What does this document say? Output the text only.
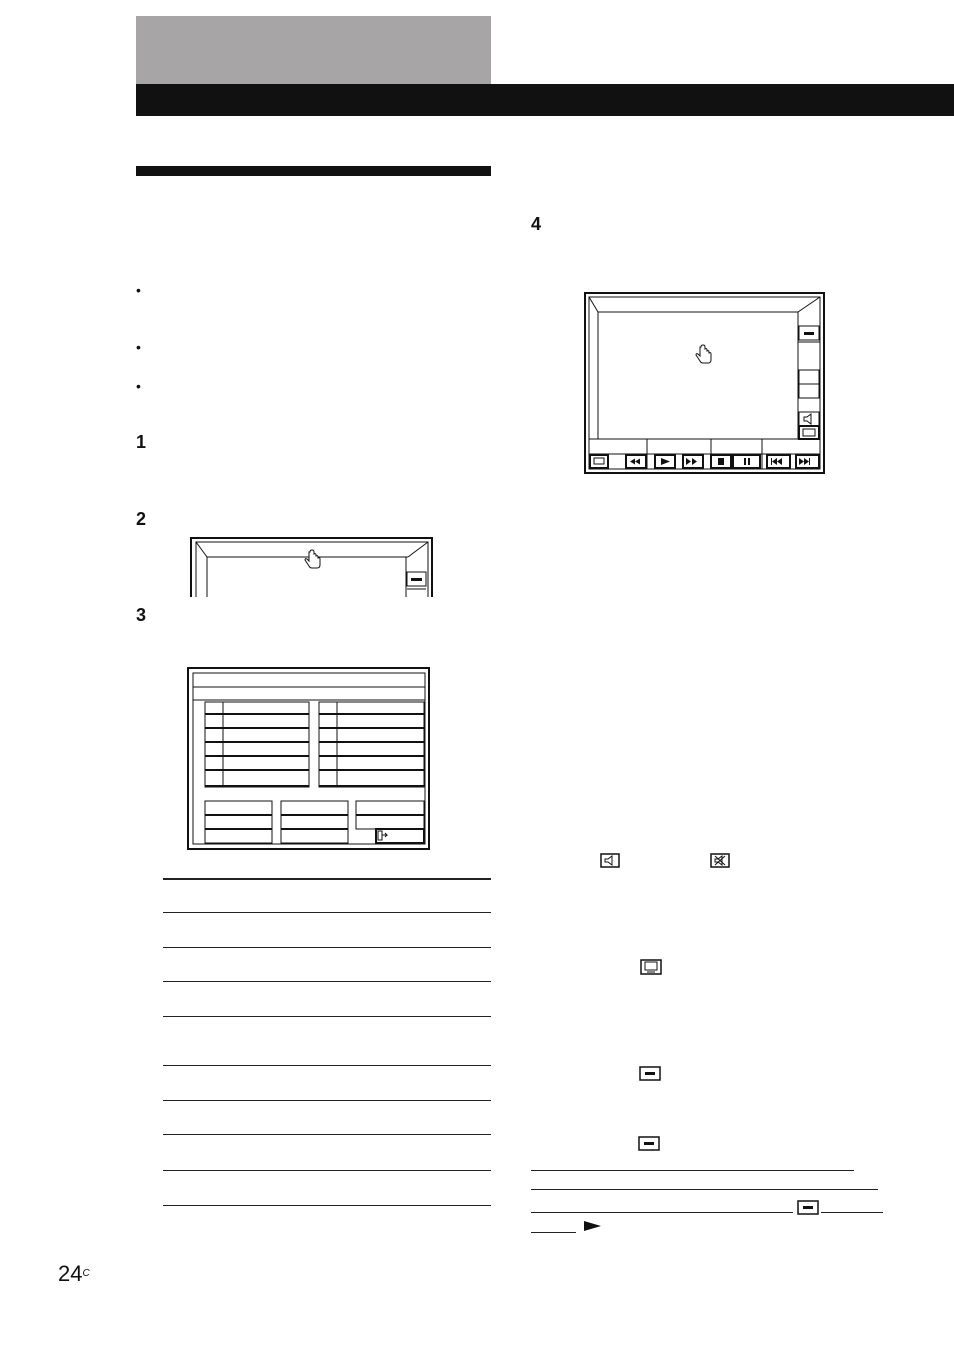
•
•
•
1
2
3
4
$24^C$
